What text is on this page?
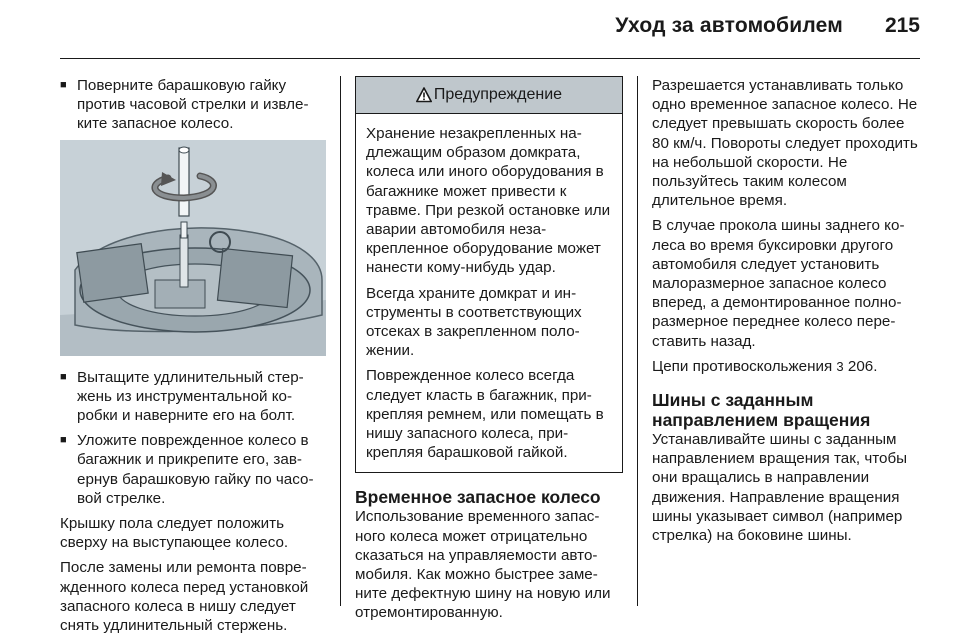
Уход за автомобилем 215
■ Поверните барашковую гайку против часовой стрелки и извлеките запасное колесо.
■ Вытащите удлинительный стержень из инструментальной коробки и наверните его на болт.
■ Уложите поврежденное колесо в багажник и прикрепите его, завернув барашковую гайку по часовой стрелке.

Крышку пола следует положить сверху на выступающее колесо.

После замены или ремонта поврежденного колеса перед установкой запасного колеса в нишу следует снять удлинительный стержень.

Предупреждение

Хранение незакрепленных надлежащим образом домкрата, колеса или иного оборудования в багажнике может привести к травме. При резкой остановке или аварии автомобиля незакрепленное оборудование может нанести кому-нибудь удар.

Всегда храните домкрат и инструменты в соответствующих отсеках в закрепленном положении.

Поврежденное колесо всегда следует класть в багажник, прикрепляя ремнем, или помещать в нишу запасного колеса, прикрепляя барашковой гайкой.

Временное запасное колесо

Использование временного запасного колеса может отрицательно сказаться на управляемости автомобиля. Как можно быстрее замените дефектную шину на новую или отремонтированную.

Разрешается устанавливать только одно временное запасное колесо. Не следует превышать скорость более 80 км/ч. Повороты следует проходить на небольшой скорости. Не пользуйтесь таким колесом длительное время.

В случае прокола шины заднего колеса во время буксировки другого автомобиля следует установить малоразмерное запасное колесо вперед, а демонтированное полноразмерное переднее колесо переставить назад.

Цепи противоскольжения 3 206.

Шины с заданным направлением вращения

Устанавливайте шины с заданным направлением вращения так, чтобы они вращались в направлении движения. Направление вращения шины указывает символ (например стрелка) на боковине шины.
